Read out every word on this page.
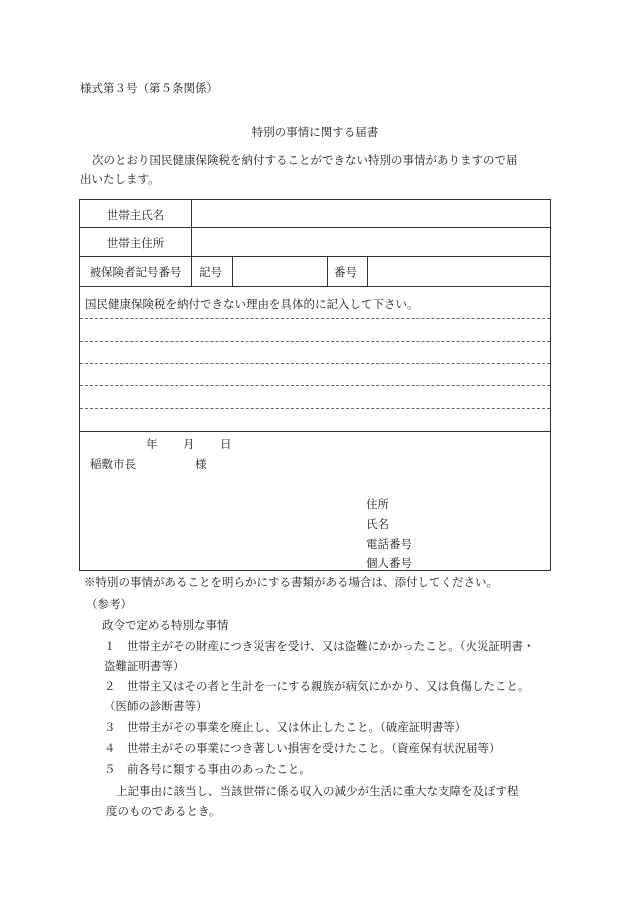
様式第３号（第５条関係）
特別の事情に関する届書
次のとおり国民健康保険税を納付することができない特別の事情がありますので届
出いたします。
世帯主氏名
世帯主住所
被保険者記号番号	記号	番号
国民健康保険税を納付できない理由を具体的に記入して下さい。
年 月 日
稲敷市長	様
住所
氏名
電話番号
個人番号
※特別の事情があることを明らかにする書類がある場合は、添付してください。
（参考）
政令で定める特別な事情
１　世帯主がその財産につき災害を受け、又は盗難にかかったこと。（火災証明書・
盗難証明書等）
２　世帯主又はその者と生計を一にする親族が病気にかかり、又は負傷したこと。
（医師の診断書等）
３　世帯主がその事業を廃止し、又は休止したこと。（破産証明書等）
４　世帯主がその事業につき著しい損害を受けたこと。（資産保有状況届等）
５　前各号に類する事由のあったこと。
上記事由に該当し、当該世帯に係る収入の減少が生活に重大な支障を及ぼす程
度のものであるとき。
